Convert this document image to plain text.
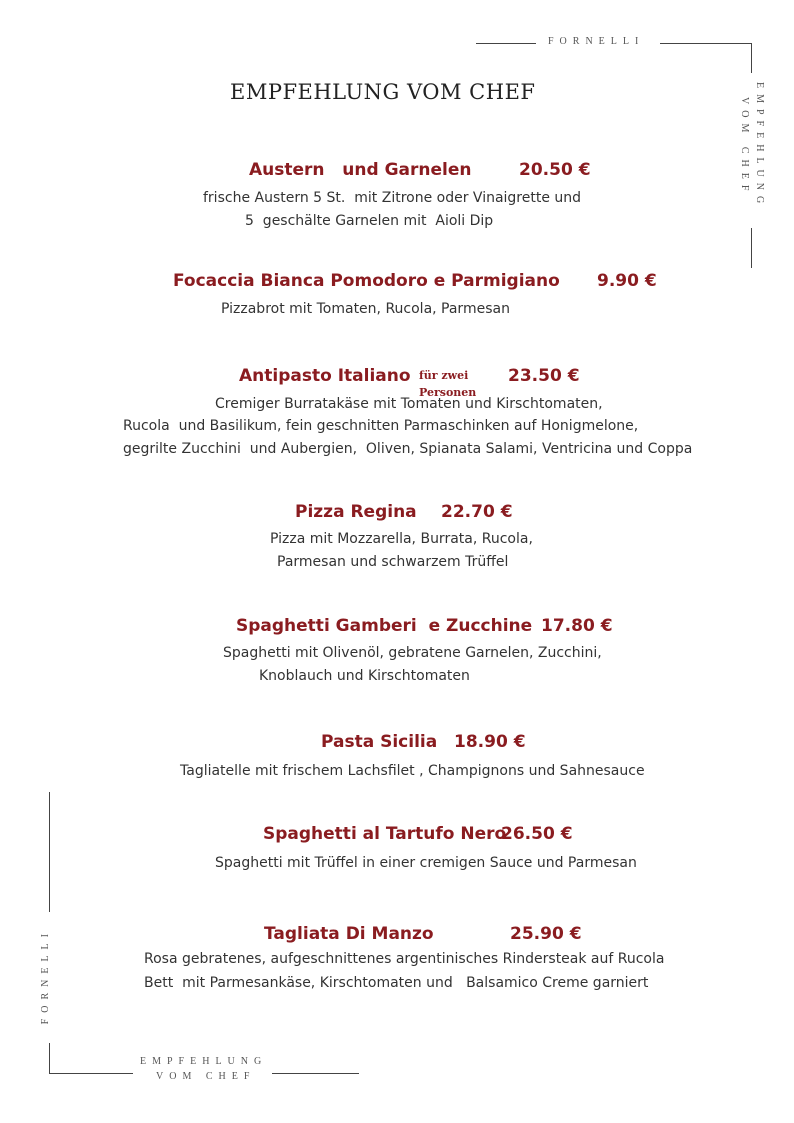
FORNELLI
EMPFEHLUNG
VOM CHEF
EMPFEHLUNG VOM CHEF
Austern   und Garnelen	20.50 €
frische Austern 5 St.  mit Zitrone oder Vinaigrette und
5  geschälte Garnelen mit  Aioli Dip
Focaccia Bianca Pomodoro e Parmigiano 9.90 €
Pizzabrot mit Tomaten, Rucola, Parmesan
Antipasto Italiano für zwei Personen
23.50 €
Cremiger Burratakäse mit Tomaten und Kirschtomaten,
Rucola  und Basilikum, fein geschnitten Parmaschinken auf Honigmelone,
gegrilte Zucchini  und Aubergien,  Oliven, Spianata Salami, Ventricina und Coppa
Pizza Regina 22.70 €
Pizza mit Mozzarella, Burrata, Rucola,
Parmesan und schwarzem Trüffel
Spaghetti Gamberi  e Zucchine 17.80 €
Spaghetti mit Olivenöl, gebratene Garnelen, Zucchini,
Knoblauch und Kirschtomaten
Pasta Sicilia 18.90 €
Tagliatelle mit frischem Lachsfilet , Champignons und Sahnesauce
Spaghetti al Tartufo Nero
26.50 €
Spaghetti mit Trüffel in einer cremigen Sauce und Parmesan
Tagliata Di Manzo	25.90 €
Rosa gebratenes, aufgeschnittenes argentinisches Rindersteak auf Rucola
Bett  mit Parmesankäse, Kirschtomaten und   Balsamico Creme garniert
FORNELLI
EMPFEHLUNG
VOM CHEF
